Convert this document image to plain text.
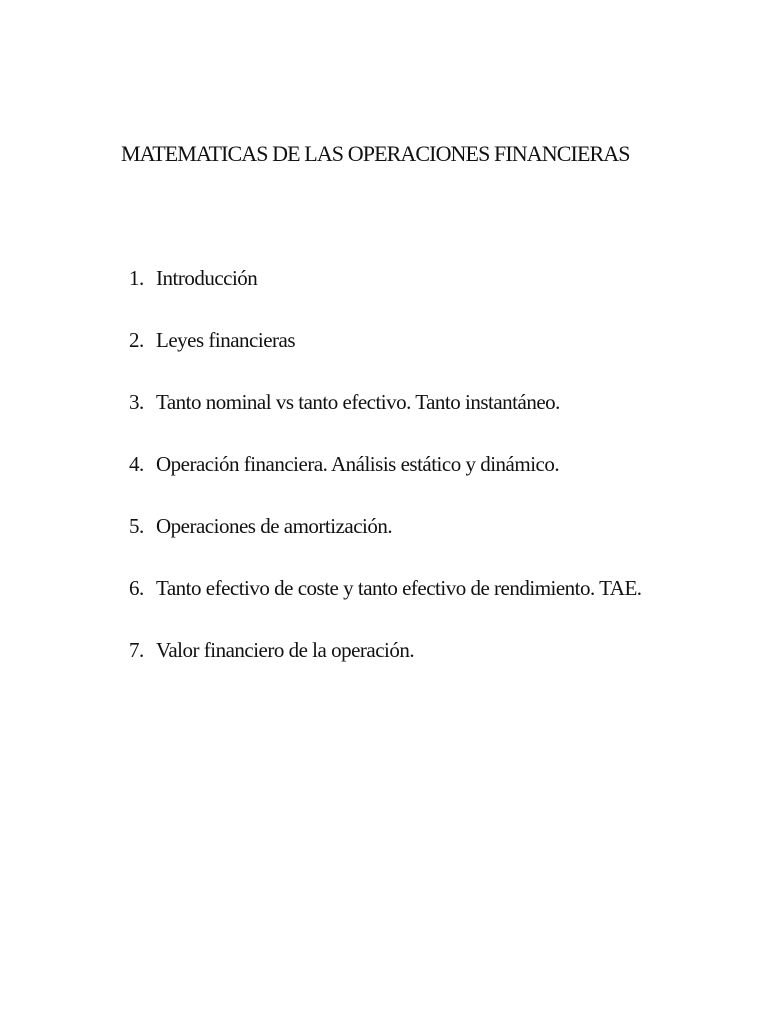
MATEMATICAS DE LAS OPERACIONES FINANCIERAS
1. Introducción
2. Leyes financieras
3. Tanto nominal vs tanto efectivo. Tanto instantáneo.
4. Operación financiera. Análisis estático y dinámico.
5. Operaciones de amortización.
6. Tanto efectivo de coste y tanto efectivo de rendimiento. TAE.
7. Valor financiero de la operación.
